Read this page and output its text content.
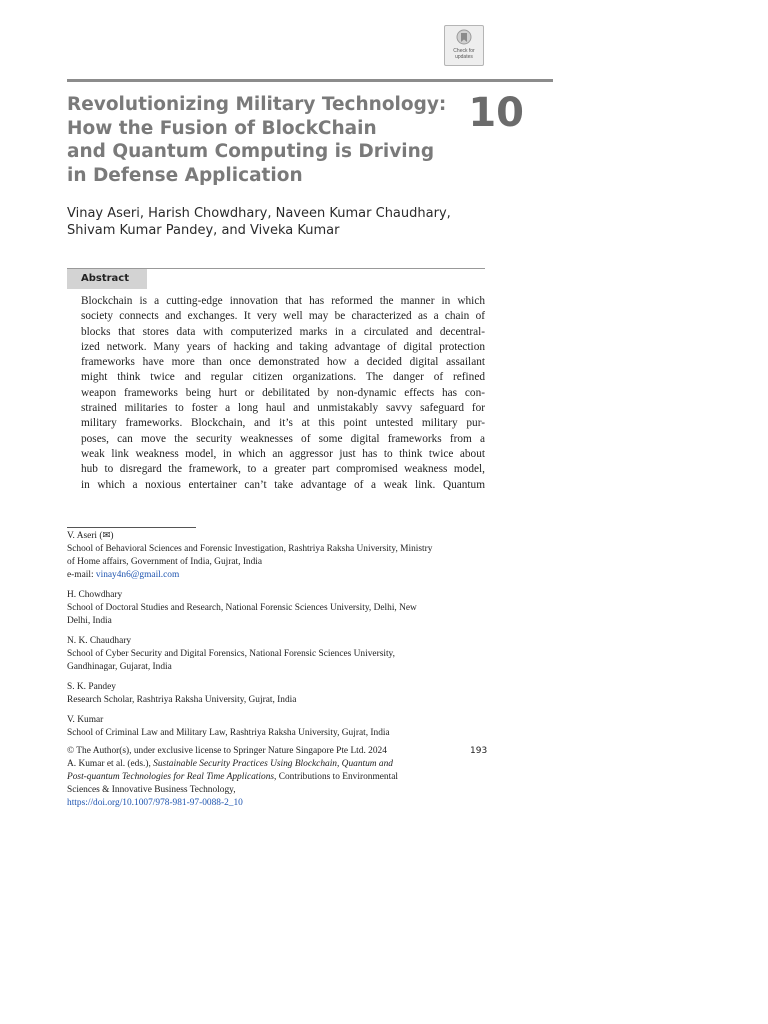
Check for
updates
Revolutionizing Military Technology:
How the Fusion of BlockChain
and Quantum Computing is Driving
in Defense Application
10

Vinay Aseri, Harish Chowdhary, Naveen Kumar Chaudhary,
Shivam Kumar Pandey, and Viveka Kumar

Abstract

Blockchain is a cutting-edge innovation that has reformed the manner in which
society connects and exchanges. It very well may be characterized as a chain of
blocks that stores data with computerized marks in a circulated and decentral-
ized network. Many years of hacking and taking advantage of digital protection
frameworks have more than once demonstrated how a decided digital assailant
might think twice and regular citizen organizations. The danger of refined
weapon frameworks being hurt or debilitated by non-dynamic effects has con-
strained militaries to foster a long haul and unmistakably savvy safeguard for
military frameworks. Blockchain, and it’s at this point untested military pur-
poses, can move the security weaknesses of some digital frameworks from a
weak link weakness model, in which an aggressor just has to think twice about
hub to disregard the framework, to a greater part compromised weakness model,
in which a noxious entertainer can’t take advantage of a weak link. Quantum

V. Aseri (✉)
School of Behavioral Sciences and Forensic Investigation, Rashtriya Raksha University, Ministry
of Home affairs, Government of India, Gujrat, India
e-mail: vinay4n6@gmail.com
H. Chowdhary
School of Doctoral Studies and Research, National Forensic Sciences University, Delhi, New
Delhi, India
N. K. Chaudhary
School of Cyber Security and Digital Forensics, National Forensic Sciences University,
Gandhinagar, Gujarat, India
S. K. Pandey
Research Scholar, Rashtriya Raksha University, Gujrat, India
V. Kumar
School of Criminal Law and Military Law, Rashtriya Raksha University, Gujrat, India
© The Author(s), under exclusive license to Springer Nature Singapore Pte Ltd. 2024
A. Kumar et al. (eds.), Sustainable Security Practices Using Blockchain, Quantum and
Post-quantum Technologies for Real Time Applications, Contributions to Environmental
Sciences & Innovative Business Technology,
https://doi.org/10.1007/978-981-97-0088-2_10
193
